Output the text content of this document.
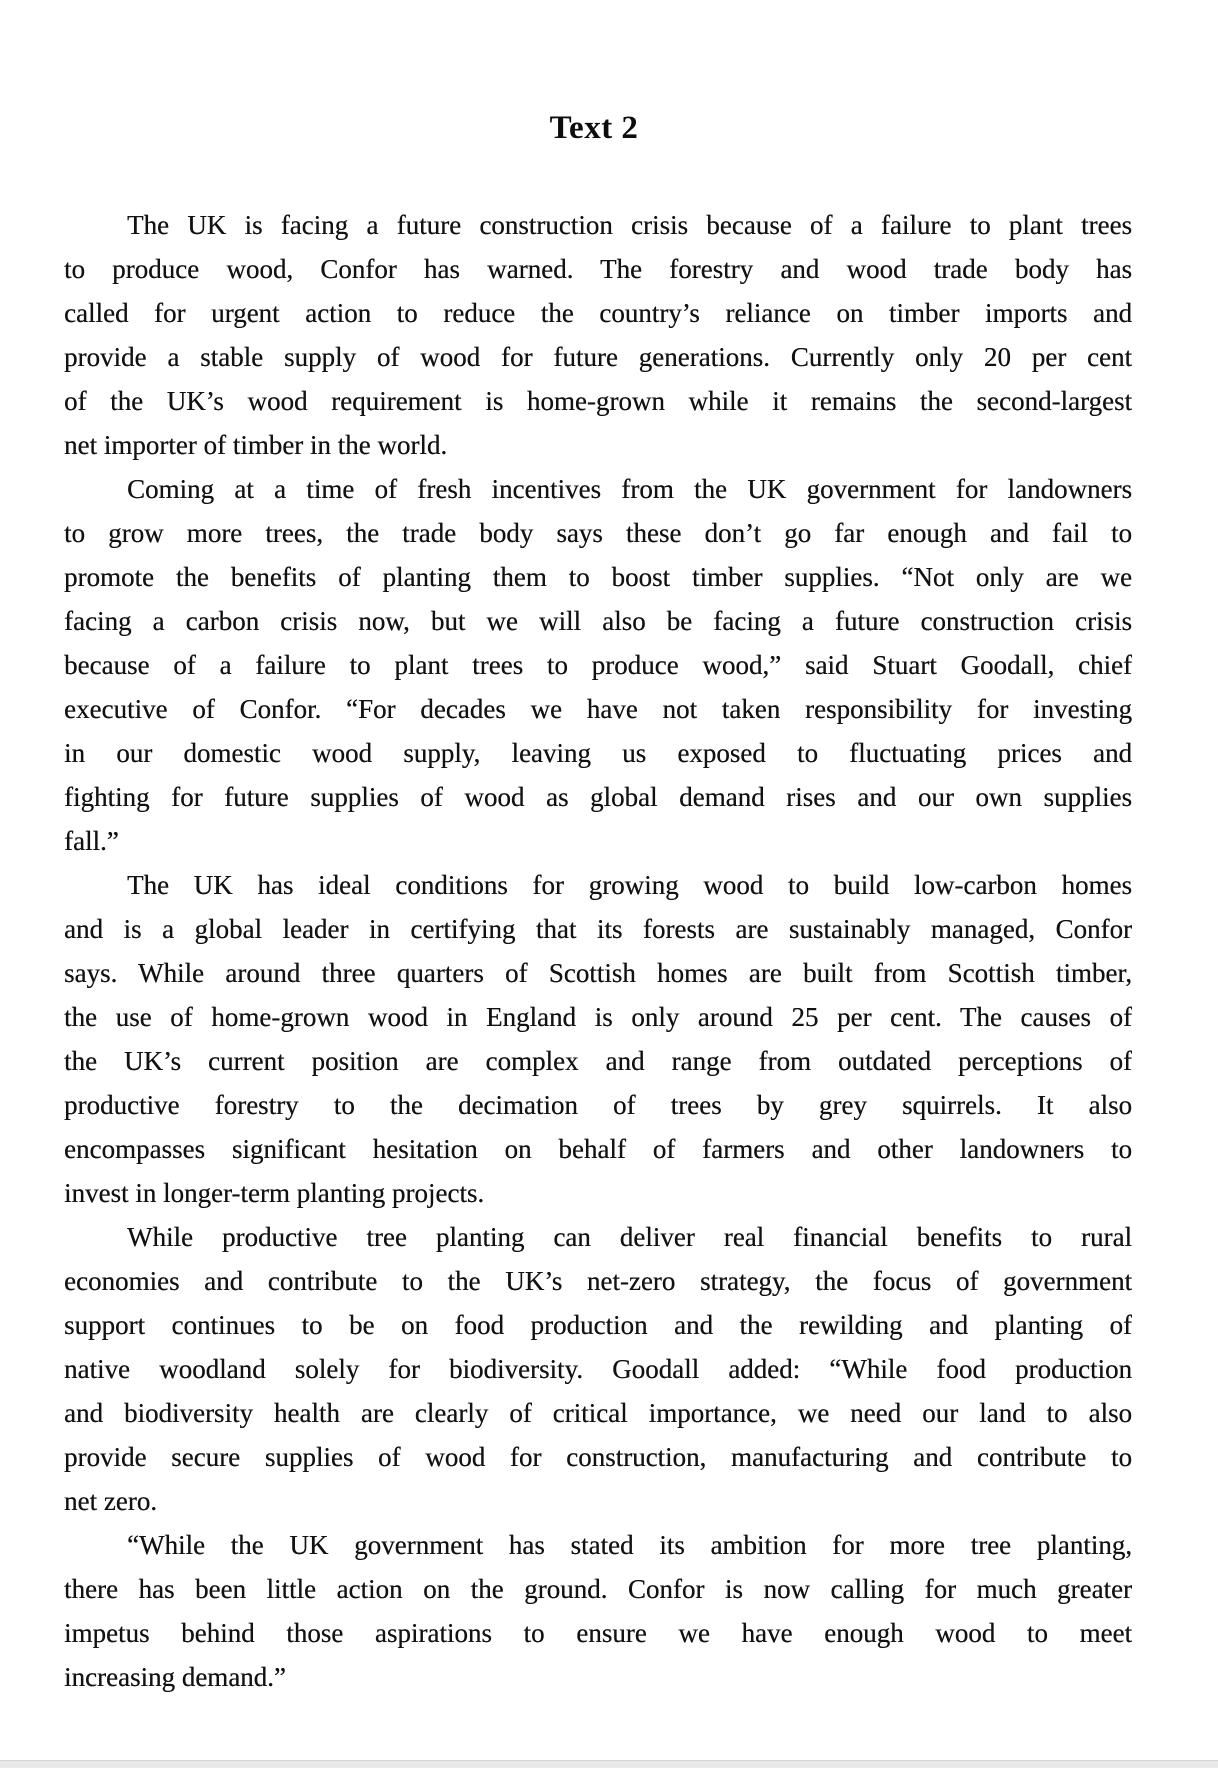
Text 2
The UK is facing a future construction crisis because of a failure to plant trees
to produce wood, Confor has warned. The forestry and wood trade body has
called for urgent action to reduce the country’s reliance on timber imports and
provide a stable supply of wood for future generations. Currently only 20 per cent
of the UK’s wood requirement is home-grown while it remains the second-largest
net importer of timber in the world.
Coming at a time of fresh incentives from the UK government for landowners
to grow more trees, the trade body says these don’t go far enough and fail to
promote the benefits of planting them to boost timber supplies. “Not only are we
facing a carbon crisis now, but we will also be facing a future construction crisis
because of a failure to plant trees to produce wood,” said Stuart Goodall, chief
executive of Confor. “For decades we have not taken responsibility for investing
in our domestic wood supply, leaving us exposed to fluctuating prices and
fighting for future supplies of wood as global demand rises and our own supplies
fall.”
The UK has ideal conditions for growing wood to build low-carbon homes
and is a global leader in certifying that its forests are sustainably managed, Confor
says. While around three quarters of Scottish homes are built from Scottish timber,
the use of home-grown wood in England is only around 25 per cent. The causes of
the UK’s current position are complex and range from outdated perceptions of
productive forestry to the decimation of trees by grey squirrels. It also
encompasses significant hesitation on behalf of farmers and other landowners to
invest in longer-term planting projects.
While productive tree planting can deliver real financial benefits to rural
economies and contribute to the UK’s net-zero strategy, the focus of government
support continues to be on food production and the rewilding and planting of
native woodland solely for biodiversity. Goodall added: “While food production
and biodiversity health are clearly of critical importance, we need our land to also
provide secure supplies of wood for construction, manufacturing and contribute to
net zero.
“While the UK government has stated its ambition for more tree planting,
there has been little action on the ground. Confor is now calling for much greater
impetus behind those aspirations to ensure we have enough wood to meet
increasing demand.”
